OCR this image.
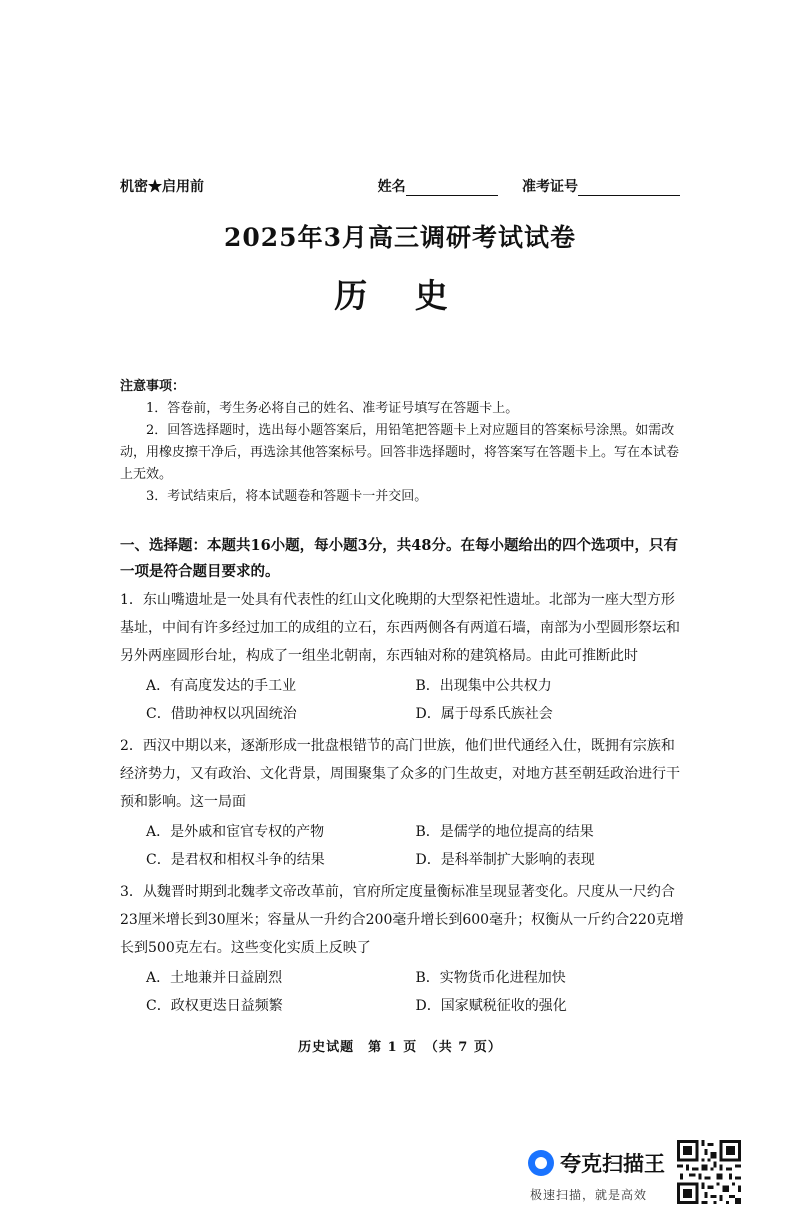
机密★启用前	姓名	准考证号
2025年3月高三调研考试试卷
历 史
注意事项：

1．答卷前，考生务必将自己的姓名、准考证号填写在答题卡上。

2．回答选择题时，选出每小题答案后，用铅笔把答题卡上对应题目的答案标号涂黑。如需改动，用橡皮擦干净后，再选涂其他答案标号。回答非选择题时，将答案写在答题卡上。写在本试卷上无效。

3．考试结束后，将本试题卷和答题卡一并交回。

一、选择题：本题共16小题，每小题3分，共48分。在每小题给出的四个选项中，只有一项是符合题目要求的。

1．东山嘴遗址是一处具有代表性的红山文化晚期的大型祭祀性遗址。北部为一座大型方形基址，中间有许多经过加工的成组的立石，东西两侧各有两道石墙，南部为小型圆形祭坛和另外两座圆形台址，构成了一组坐北朝南，东西轴对称的建筑格局。由此可推断此时

A．有高度发达的手工业	B．出现集中公共权力
C．借助神权以巩固统治	D．属于母系氏族社会

2．西汉中期以来，逐渐形成一批盘根错节的高门世族，他们世代通经入仕，既拥有宗族和经济势力，又有政治、文化背景，周围聚集了众多的门生故吏，对地方甚至朝廷政治进行干预和影响。这一局面

A．是外戚和宦官专权的产物	B．是儒学的地位提高的结果
C．是君权和相权斗争的结果	D．是科举制扩大影响的表现

3．从魏晋时期到北魏孝文帝改革前，官府所定度量衡标准呈现显著变化。尺度从一尺约合23厘米增长到30厘米；容量从一升约合200毫升增长到600毫升；权衡从一斤约合220克增长到500克左右。这些变化实质上反映了

A．土地兼并日益剧烈	B．实物货币化进程加快
C．政权更迭日益频繁	D．国家赋税征收的强化
历史试题　第 1 页　（共 7 页）
夸克扫描王
极速扫描，就是高效
